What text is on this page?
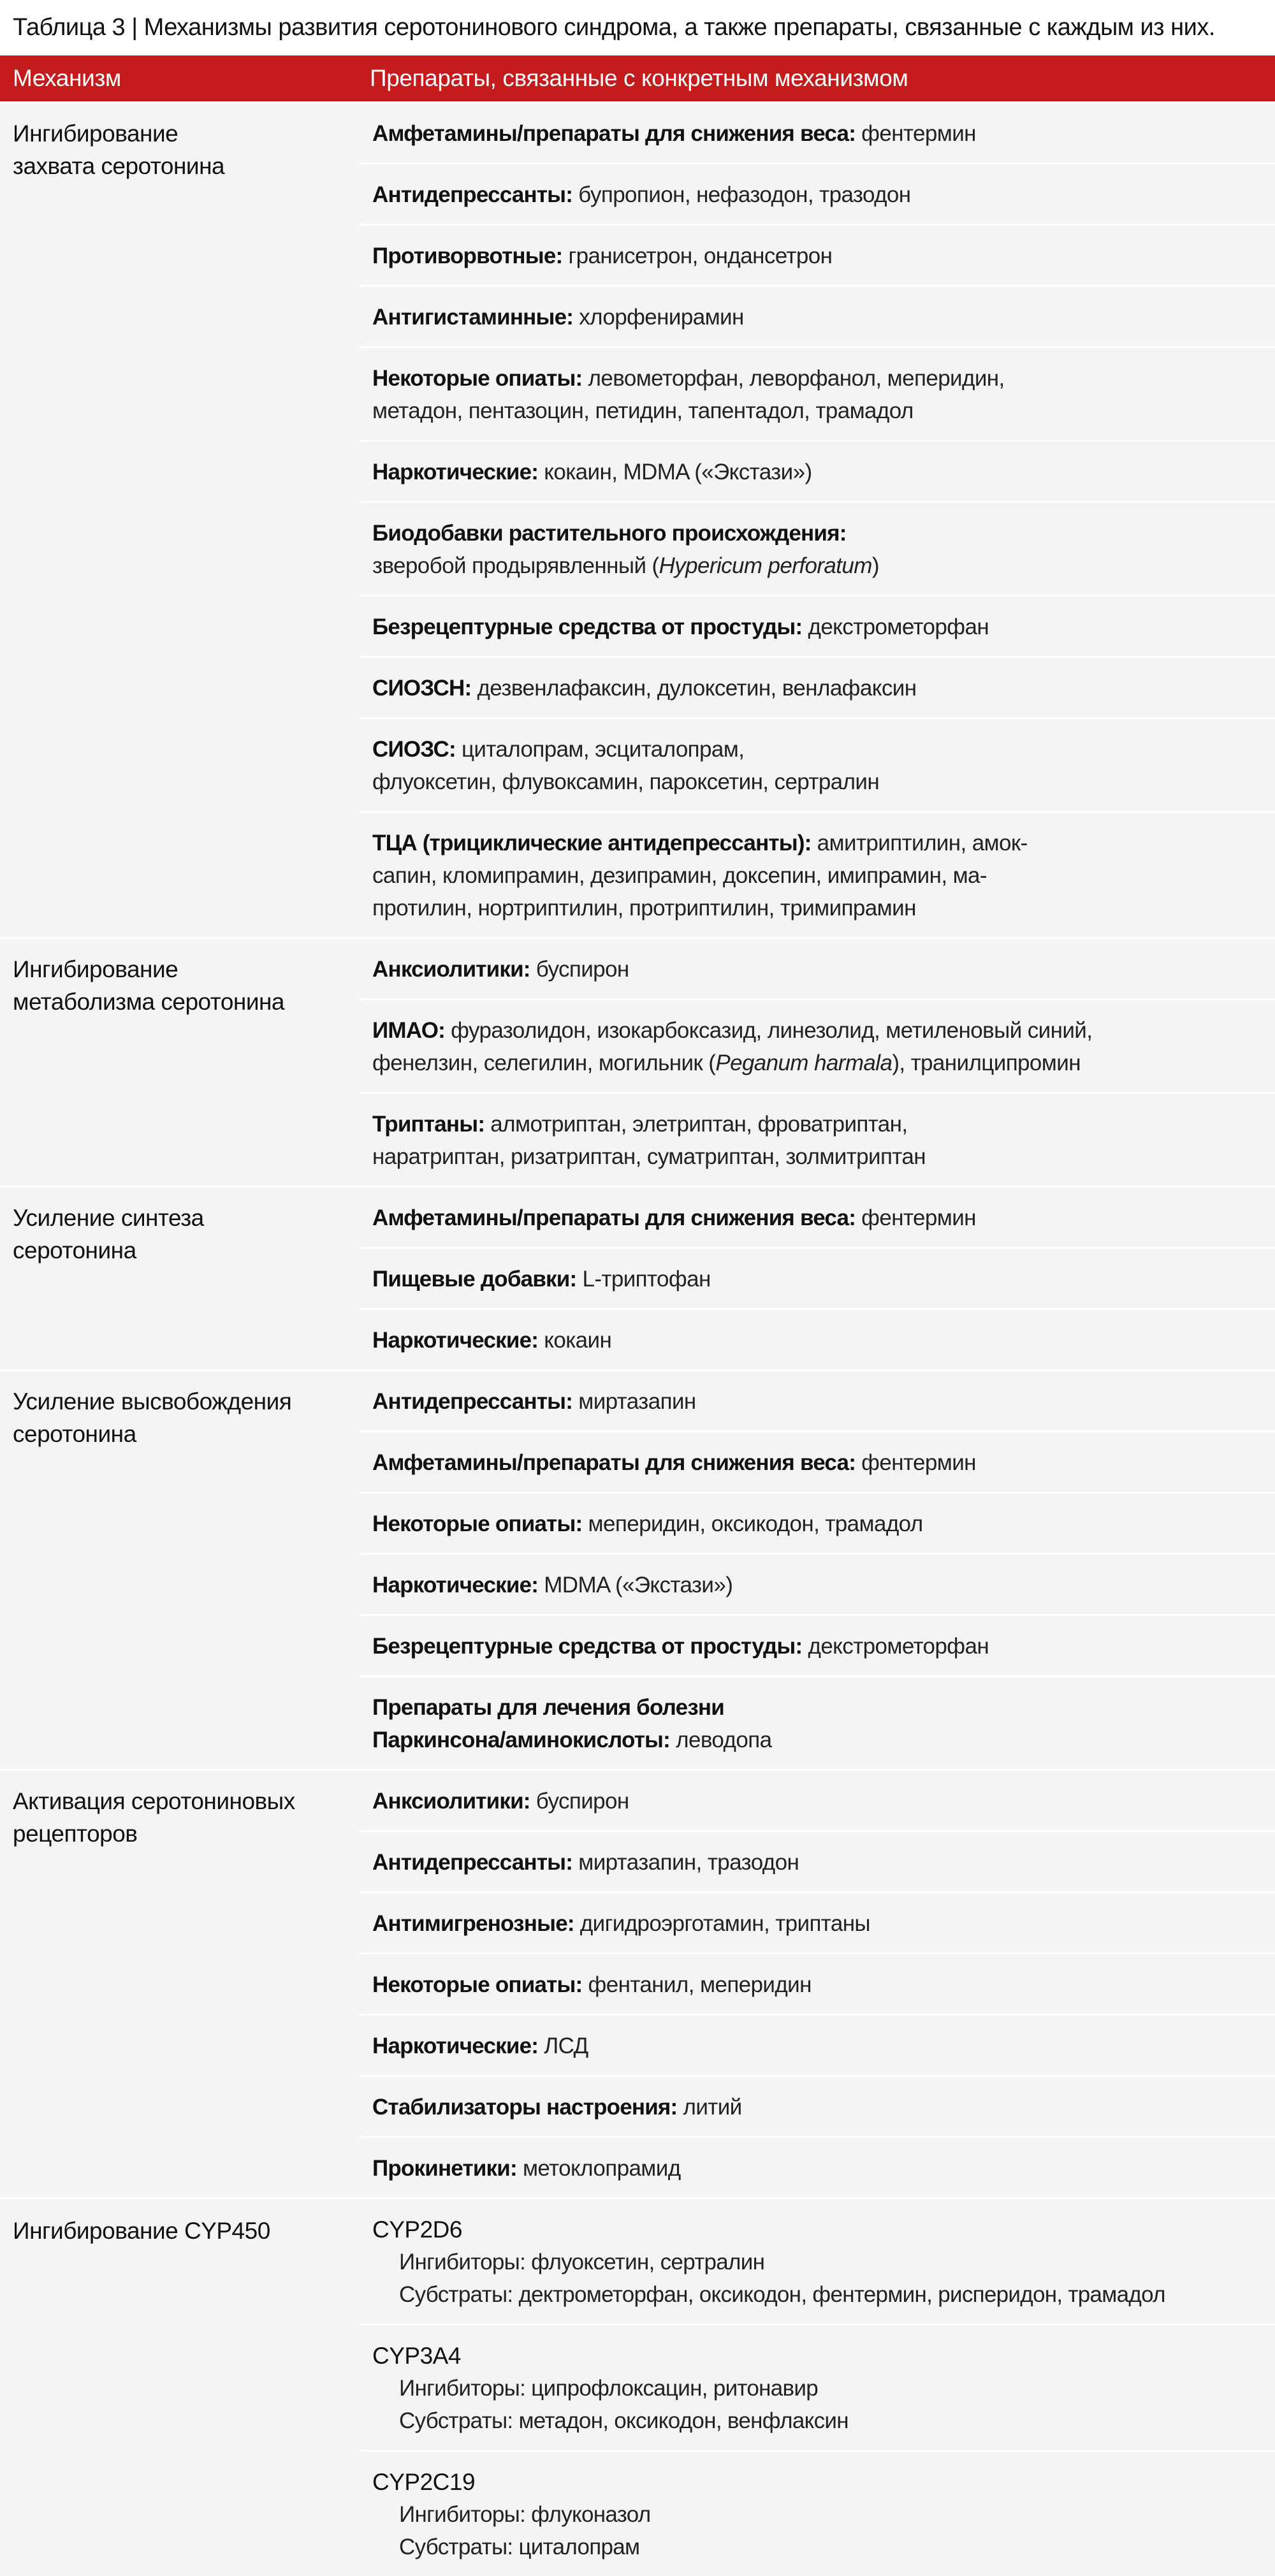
Таблица 3 | Механизмы развития серотонинового синдрома, а также препараты, связанные с каждым из них.
Механизм	Препараты, связанные с конкретным механизмом
Ингибирование
захвата серотонина
Амфетамины/препараты для снижения веса: фентермин
Антидепрессанты: бупропион, нефазодон, тразодон
Противорвотные: гранисетрон, ондансетрон
Антигистаминные: хлорфенирамин
Некоторые опиаты: левометорфан, леворфанол, меперидин,
метадон, пентазоцин, петидин, тапентадол, трамадол
Наркотические: кокаин, MDMA («Экстази»)
Биодобавки растительного происхождения:
зверобой продырявленный (Hypericum perforatum)
Безрецептурные средства от простуды: декстрометорфан
СИОЗСН: дезвенлафаксин, дулоксетин, венлафаксин
СИОЗС: циталопрам, эсциталопрам,
флуоксетин, флувоксамин, пароксетин, сертралин
ТЦА (трициклические антидепрессанты): амитриптилин, амок-
сапин, кломипрамин, дезипрамин, доксепин, имипрамин, ма-
протилин, нортриптилин, протриптилин, тримипрамин
Ингибирование
метаболизма серотонина
Анксиолитики: буспирон
ИМАО: фуразолидон, изокарбоксазид, линезолид, метиленовый синий,
фенелзин, селегилин, могильник (Peganum harmala), транилципромин
Триптаны: алмотриптан, элетриптан, фроватриптан,
наратриптан, ризатриптан, суматриптан, золмитриптан
Усиление синтеза
серотонина
Амфетамины/препараты для снижения веса: фентермин
Пищевые добавки: L-триптофан
Наркотические: кокаин
Усиление высвобождения
серотонина
Антидепрессанты: миртазапин
Амфетамины/препараты для снижения веса: фентермин
Некоторые опиаты: меперидин, оксикодон, трамадол
Наркотические: MDMA («Экстази»)
Безрецептурные средства от простуды: декстрометорфан
Препараты для лечения болезни
Паркинсона/аминокислоты: леводопа
Активация серотониновых
рецепторов
Анксиолитики: буспирон
Антидепрессанты: миртазапин, тразодон
Антимигренозные: дигидроэрготамин, триптаны
Некоторые опиаты: фентанил, меперидин
Наркотические: ЛСД
Стабилизаторы настроения: литий
Прокинетики: метоклопрамид
Ингибирование CYP450	CYP2D6
Ингибиторы: флуоксетин, сертралин
Субстраты: дектрометорфан, оксикодон, фентермин, рисперидон, трамадол
CYP3A4
Ингибиторы: ципрофлоксацин, ритонавир
Субстраты: метадон, оксикодон, венфлаксин
CYP2C19
Ингибиторы: флуконазол
Субстраты: циталопрам
